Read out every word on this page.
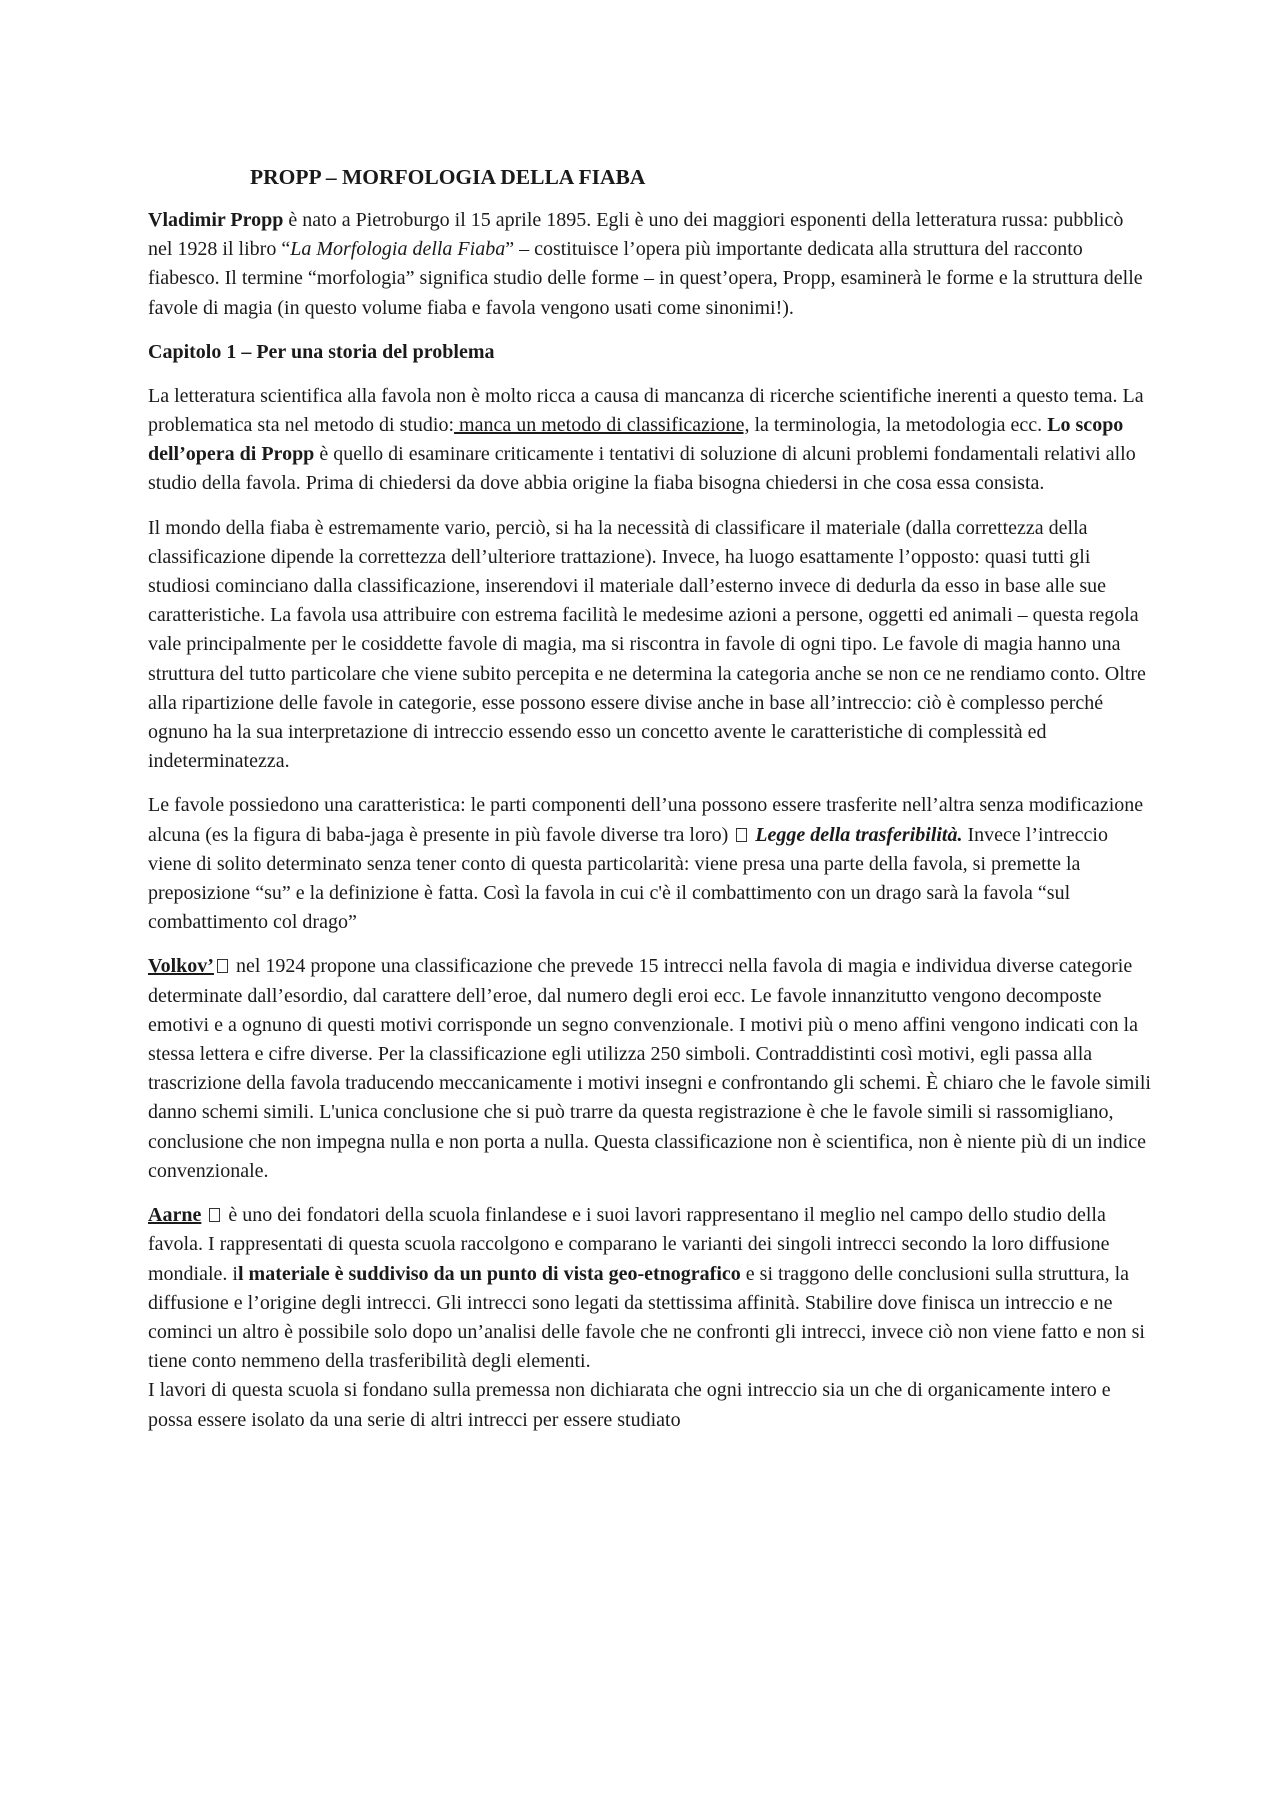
PROPP – MORFOLOGIA DELLA FIABA

Vladimir Propp è nato a Pietroburgo il 15 aprile 1895. Egli è uno dei maggiori esponenti della letteratura russa: pubblicò nel 1928 il libro “La Morfologia della Fiaba” – costituisce l’opera più importante dedicata alla struttura del racconto fiabesco. Il termine “morfologia” significa studio delle forme – in quest’opera, Propp, esaminerà le forme e la struttura delle favole di magia (in questo volume fiaba e favola vengono usati come sinonimi!).

Capitolo 1 – Per una storia del problema

La letteratura scientifica alla favola non è molto ricca a causa di mancanza di ricerche scientifiche inerenti a questo tema. La problematica sta nel metodo di studio: manca un metodo di classificazione, la terminologia, la metodologia ecc. Lo scopo dell’opera di Propp è quello di esaminare criticamente i tentativi di soluzione di alcuni problemi fondamentali relativi allo studio della favola. Prima di chiedersi da dove abbia origine la fiaba bisogna chiedersi in che cosa essa consista.

Il mondo della fiaba è estremamente vario, perciò, si ha la necessità di classificare il materiale (dalla correttezza della classificazione dipende la correttezza dell’ulteriore trattazione). Invece, ha luogo esattamente l’opposto: quasi tutti gli studiosi cominciano dalla classificazione, inserendovi il materiale dall’esterno invece di dedurla da esso in base alle sue caratteristiche. La favola usa attribuire con estrema facilità le medesime azioni a persone, oggetti ed animali – questa regola vale principalmente per le cosiddette favole di magia, ma si riscontra in favole di ogni tipo. Le favole di magia hanno una struttura del tutto particolare che viene subito percepita e ne determina la categoria anche se non ce ne rendiamo conto. Oltre alla ripartizione delle favole in categorie, esse possono essere divise anche in base all’intreccio: ciò è complesso perché ognuno ha la sua interpretazione di intreccio essendo esso un concetto avente le caratteristiche di complessità ed indeterminatezza.

Le favole possiedono una caratteristica: le parti componenti dell’una possono essere trasferite nell’altra senza modificazione alcuna (es la figura di baba-jaga è presente in più favole diverse tra loro)  Legge della trasferibilità. Invece l’intreccio viene di solito determinato senza tener conto di questa particolarità: viene presa una parte della favola, si premette la preposizione “su” e la definizione è fatta. Così la favola in cui c'è il combattimento con un drago sarà la favola “sul combattimento col drago”

Volkov’ nel 1924 propone una classificazione che prevede 15 intrecci nella favola di magia e individua diverse categorie determinate dall’esordio, dal carattere dell’eroe, dal numero degli eroi ecc. Le favole innanzitutto vengono decomposte emotivi e a ognuno di questi motivi corrisponde un segno convenzionale. I motivi più o meno affini vengono indicati con la stessa lettera e cifre diverse. Per la classificazione egli utilizza 250 simboli. Contraddistinti così motivi, egli passa alla trascrizione della favola traducendo meccanicamente i motivi insegni e confrontando gli schemi. È chiaro che le favole simili danno schemi simili. L'unica conclusione che si può trarre da questa registrazione è che le favole simili si rassomigliano, conclusione che non impegna nulla e non porta a nulla. Questa classificazione non è scientifica, non è niente più di un indice convenzionale.

Aarne  è uno dei fondatori della scuola finlandese e i suoi lavori rappresentano il meglio nel campo dello studio della favola. I rappresentati di questa scuola raccolgono e comparano le varianti dei singoli intrecci secondo la loro diffusione mondiale. il materiale è suddiviso da un punto di vista geo-etnografico e si traggono delle conclusioni sulla struttura, la diffusione e l’origine degli intrecci. Gli intrecci sono legati da stettissima affinità. Stabilire dove finisca un intreccio e ne cominci un altro è possibile solo dopo un’analisi delle favole che ne confronti gli intrecci, invece ciò non viene fatto e non si tiene conto nemmeno della trasferibilità degli elementi.
I lavori di questa scuola si fondano sulla premessa non dichiarata che ogni intreccio sia un che di organicamente intero e possa essere isolato da una serie di altri intrecci per essere studiato
